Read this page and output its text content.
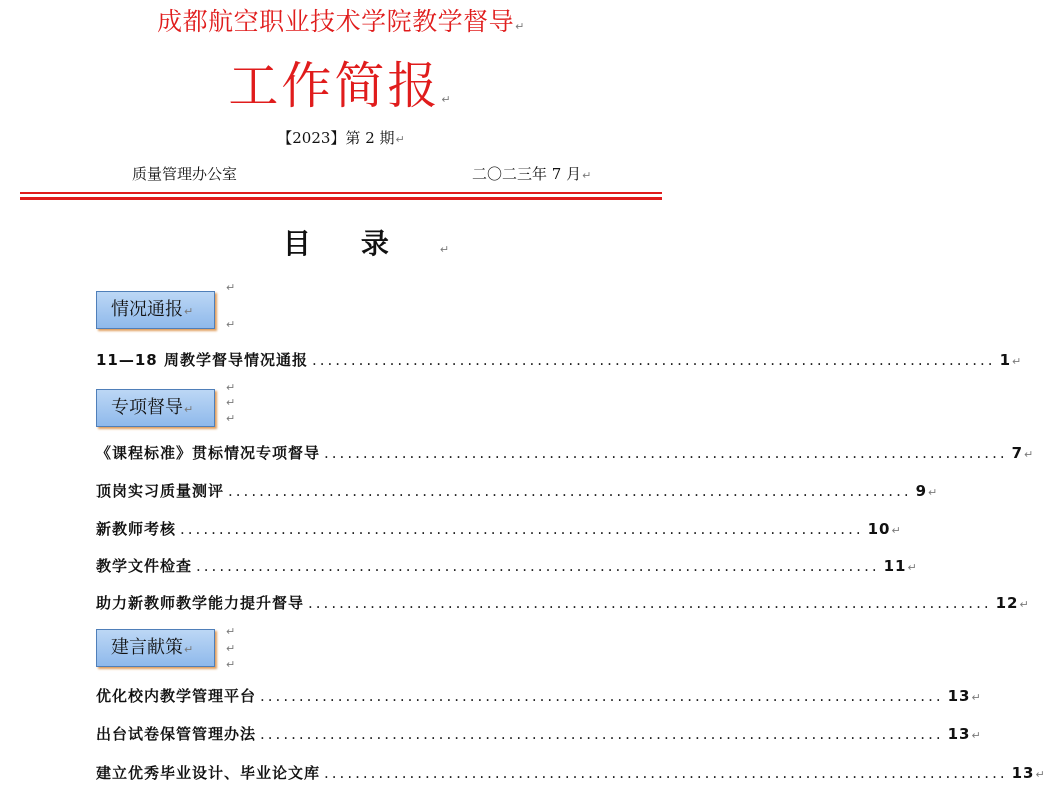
成都航空职业技术学院教学督导↵
工作简报↵
【2023】第 2 期↵
质量管理办公室	二〇二三年 7 月↵
目录↵
↵
情况通报↵
↵
11—18 周教学督导情况通报 ........................................................................................ 1 ↵
↵
专项督导↵
↵
↵
《课程标准》贯标情况专项督导 ........................................................................................ 7 ↵
顶岗实习质量测评 ........................................................................................ 9 ↵
新教师考核 ........................................................................................ 10 ↵
教学文件检查 ........................................................................................ 11 ↵
助力新教师教学能力提升督导 ........................................................................................ 12 ↵
↵
建言献策↵	↵
↵
优化校内教学管理平台 ........................................................................................ 13 ↵
出台试卷保管管理办法 ........................................................................................ 13 ↵
建立优秀毕业设计、毕业论文库 ........................................................................................ 13 ↵
